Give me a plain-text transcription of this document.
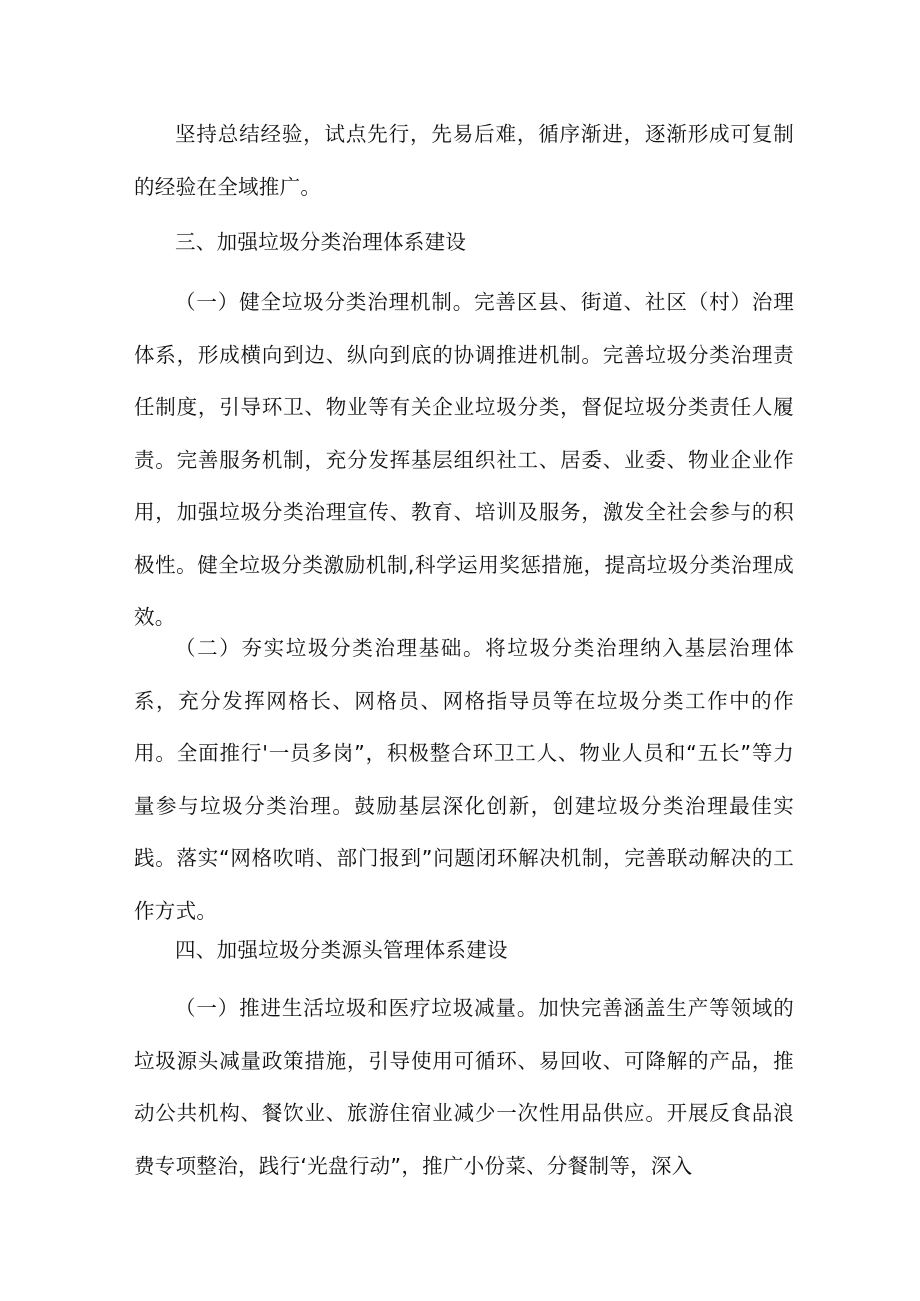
坚持总结经验，试点先行，先易后难，循序渐进，逐渐形成可复制的经验在全域推广。

三、加强垃圾分类治理体系建设

（一）健全垃圾分类治理机制。完善区县、街道、社区（村）治理体系，形成横向到边、纵向到底的协调推进机制。完善垃圾分类治理责任制度，引导环卫、物业等有关企业垃圾分类，督促垃圾分类责任人履责。完善服务机制，充分发挥基层组织社工、居委、业委、物业企业作用，加强垃圾分类治理宣传、教育、培训及服务，激发全社会参与的积极性。健全垃圾分类激励机制,科学运用奖惩措施，提高垃圾分类治理成效。

（二）夯实垃圾分类治理基础。将垃圾分类治理纳入基层治理体系，充分发挥网格长、网格员、网格指导员等在垃圾分类工作中的作用。全面推行'一员多岗”，积极整合环卫工人、物业人员和“五长”等力量参与垃圾分类治理。鼓励基层深化创新，创建垃圾分类治理最佳实践。落实“网格吹哨、部门报到”问题闭环解决机制，完善联动解决的工作方式。

四、加强垃圾分类源头管理体系建设

（一）推进生活垃圾和医疗垃圾减量。加快完善涵盖生产等领域的垃圾源头减量政策措施，引导使用可循环、易回收、可降解的产品，推动公共机构、餐饮业、旅游住宿业减少一次性用品供应。开展反食品浪费专项整治，践行‘光盘行动”，推广小份菜、分餐制等，深入
